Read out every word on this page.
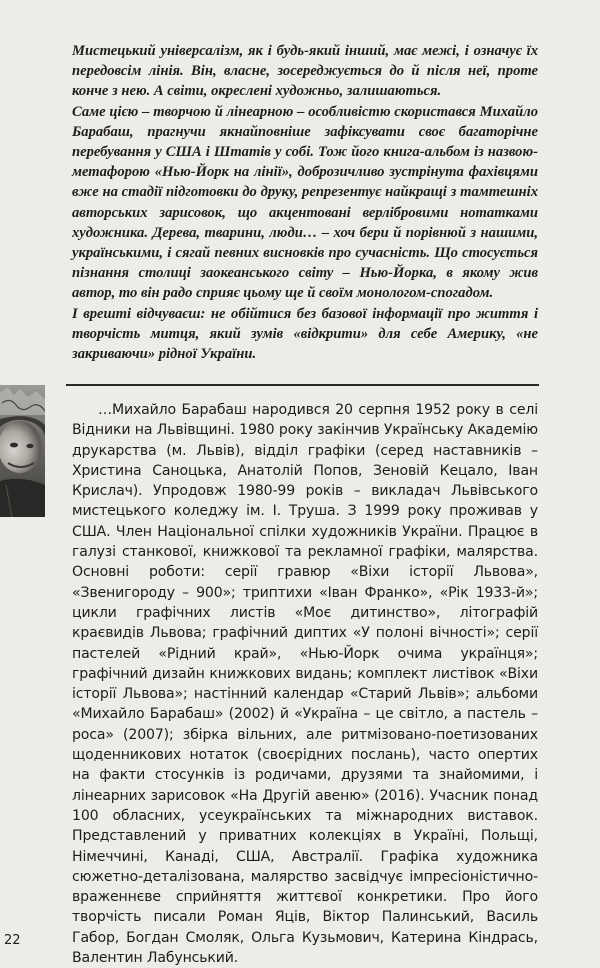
Мистецький універсалізм, як і будь-який інший, має межі, і означує їх передовсім лінія. Він, власне, зосереджується до й після неї, проте конче з нею. А світи, окреслені художньо, залишаються.

Саме цією – творчою й лінеарною – особливістю скористався Михайло Барабаш, прагнучи якнайповніше зафіксувати своє багаторічне перебування у США і Штатів у собі. Тож його книга-альбом із назвою-метафорою «Нью-Йорк на лінії», доброзичливо зустрінута фахівцями вже на стадії підготовки до друку, репрезентує найкращі з тамтешніх авторських зарисовок, що акцентовані верлібровими нотатками художника. Дерева, тварини, люди… – хоч бери й порівнюй з нашими, українськими, і сягай певних висновків про сучасність. Що стосується пізнання столиці заокеанського світу – Нью-Йорка, в якому жив автор, то він радо сприяє цьому ще й своїм монологом-спогадом.

І врешті відчуваєш: не обійтися без базової інформації про життя і творчість митця, який зумів «відкрити» для себе Америку, «не закриваючи» рідної України.

…Михайло Барабаш народився 20 серпня 1952 року в селі Відники на Львівщині. 1980 року закінчив Українську Академію друкарства (м. Львів), відділ графіки (серед наставників – Христина Саноцька, Анатолій Попов, Зеновій Кецало, Іван Крислач). Упродовж 1980-99 років – викладач Львівського мистецького коледжу ім. І. Труша. З 1999 року проживав у США. Член Національної спілки художників України. Працює в галузі станкової, книжкової та рекламної графіки, малярства. Основні роботи: серії гравюр «Віхи історії Львова», «Звенигороду – 900»; триптихи «Іван Франко», «Рік 1933-й»; цикли графічних листів «Моє дитинство», літографій краєвидів Львова; графічний диптих «У полоні вічності»; серії пастелей «Рідний край», «Нью-Йорк очима українця»; графічний дизайн книжкових видань; комплект листівок «Віхи історії Львова»; настінний календар «Старий Львів»; альбоми «Михайло Барабаш» (2002) й «Україна – це світло, а пастель – роса» (2007); збірка вільних, але ритмізовано-поетизованих щоденникових нотаток (своєрідних послань), часто опертих на факти стосунків із родичами, друзями та знайомими, і лінеарних зарисовок «На Другій авеню» (2016). Учасник понад 100 обласних, усеукраїнських та міжнародних виставок. Представлений у приватних колекціях в Україні, Польщі, Німеччині, Канаді, США, Австралії. Графіка художника сюжетно-деталізована, малярство засвідчує імпресіоністично-враженнєве сприйняття життєвої конкретики. Про його творчість писали Роман Яців, Віктор Палинський, Василь Габор, Богдан Смоляк, Ольга Кузьмович, Катерина Кіндрась, Валентин Лабунський.

22
